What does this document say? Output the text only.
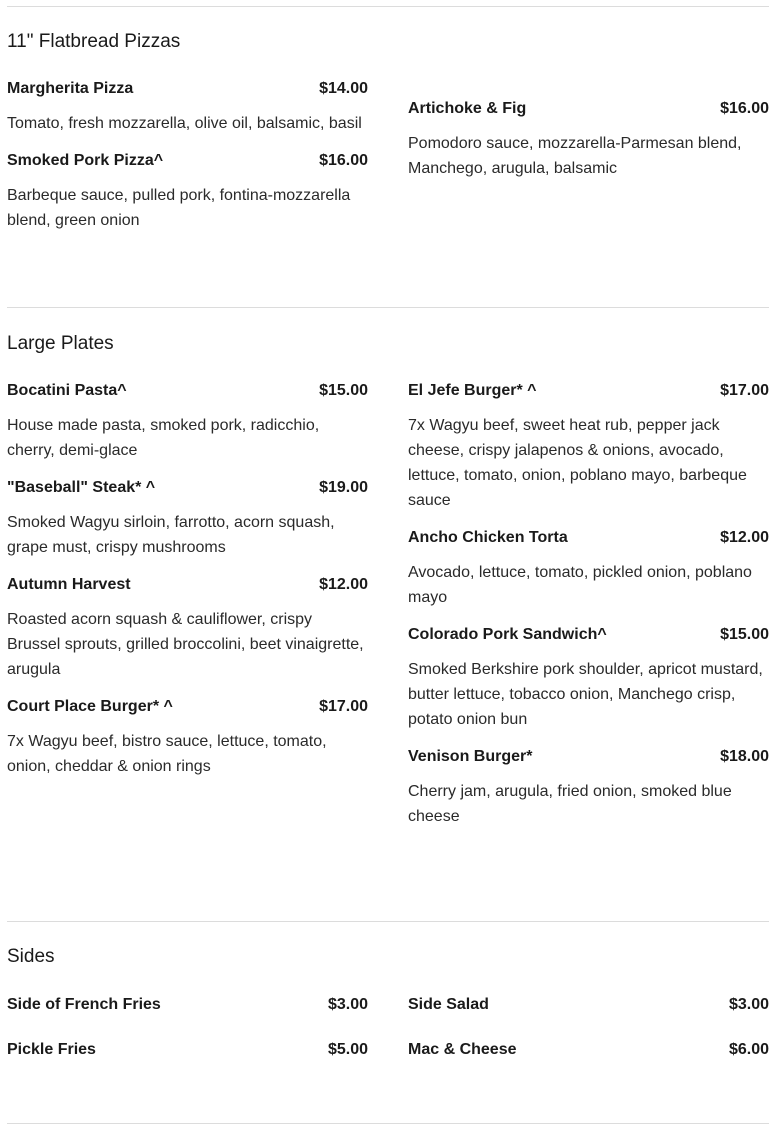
11" Flatbread Pizzas
Margherita Pizza	$14.00
Tomato, fresh mozzarella, olive oil, balsamic, basil
Smoked Pork Pizza^	$16.00
Barbeque sauce, pulled pork, fontina-mozzarella blend, green onion
Artichoke & Fig	$16.00
Pomodoro sauce, mozzarella-Parmesan blend, Manchego, arugula, balsamic
Large Plates
Bocatini Pasta^	$15.00
House made pasta, smoked pork, radicchio, cherry, demi-glace
"Baseball" Steak* ^	$19.00
Smoked Wagyu sirloin, farrotto, acorn squash, grape must, crispy mushrooms
Autumn Harvest	$12.00
Roasted acorn squash & cauliflower, crispy Brussel sprouts, grilled broccolini, beet vinaigrette, arugula
Court Place Burger* ^	$17.00
7x Wagyu beef, bistro sauce, lettuce, tomato, onion, cheddar & onion rings
El Jefe Burger* ^	$17.00
7x Wagyu beef, sweet heat rub, pepper jack cheese, crispy jalapenos & onions, avocado, lettuce, tomato, onion, poblano mayo, barbeque sauce
Ancho Chicken Torta	$12.00
Avocado, lettuce, tomato, pickled onion, poblano mayo
Colorado Pork Sandwich^	$15.00
Smoked Berkshire pork shoulder, apricot mustard, butter lettuce, tobacco onion, Manchego crisp, potato onion bun
Venison Burger*	$18.00
Cherry jam, arugula, fried onion, smoked blue cheese
Sides
Side of French Fries	$3.00
Pickle Fries	$5.00
Side Salad	$3.00
Mac & Cheese	$6.00
